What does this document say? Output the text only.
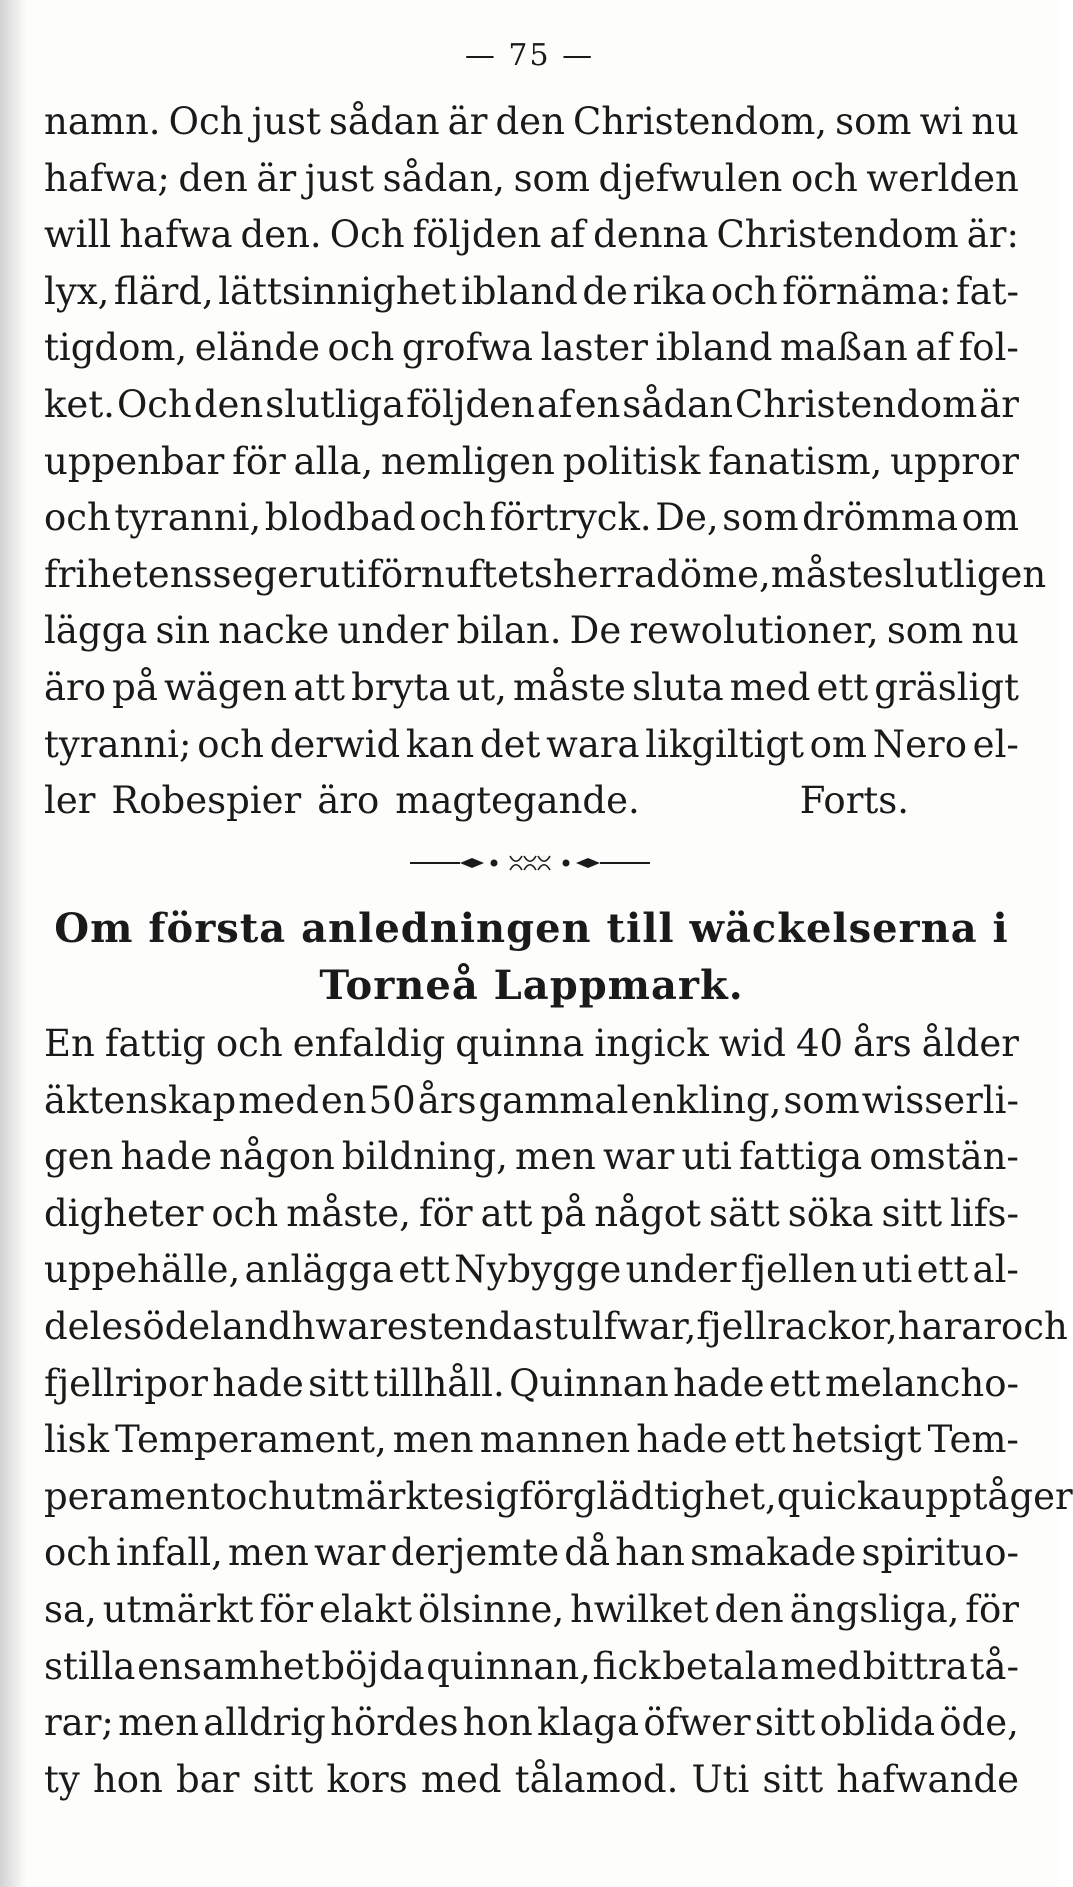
— 75 —
namn. Och just sådan är den Christendom, som wi nu
hafwa; den är just sådan, som djefwulen och werlden
will hafwa den. Och följden af denna Christendom är:
lyx, flärd, lättsinnighet ibland de rika och förnäma: fat-
tigdom, elände och grofwa laster ibland maßan af fol-
ket. Och den slutliga följden af en sådan Christendom är
uppenbar för alla, nemligen politisk fanatism, uppror
och tyranni, blodbad och förtryck. De, som drömma om
frihetens seger uti förnuftets herradöme, måste slutligen
lägga sin nacke under bilan. De rewolutioner, som nu
äro på wägen att bryta ut, måste sluta med ett gräsligt
tyranni; och derwid kan det wara likgiltigt om Nero el-
ler Robespier äro magtegande.	Forts.
Om första anledningen till wäckelserna i
Torneå Lappmark.
En fattig och enfaldig quinna ingick wid 40 års ålder
äktenskap med en 50 års gammal enkling, som wisserli-
gen hade någon bildning, men war uti fattiga omstän-
digheter och måste, för att på något sätt söka sitt lifs-
uppehälle, anlägga ett Nybygge under fjellen uti ett al-
deles ödeland hwarest endast ulfwar, fjellrackor, harar och
fjellripor hade sitt tillhåll. Quinnan hade ett melancho-
lisk Temperament, men mannen hade ett hetsigt Tem-
perament och utmärkte sig för glädtighet, quicka upptåger
och infall, men war derjemte då han smakade spirituo-
sa, utmärkt för elakt ölsinne, hwilket den ängsliga, för
stilla ensamhet böjda quinnan, fick betala med bittra tå-
rar; men alldrig hördes hon klaga öfwer sitt oblida öde,
ty hon bar sitt kors med tålamod. Uti sitt hafwande
